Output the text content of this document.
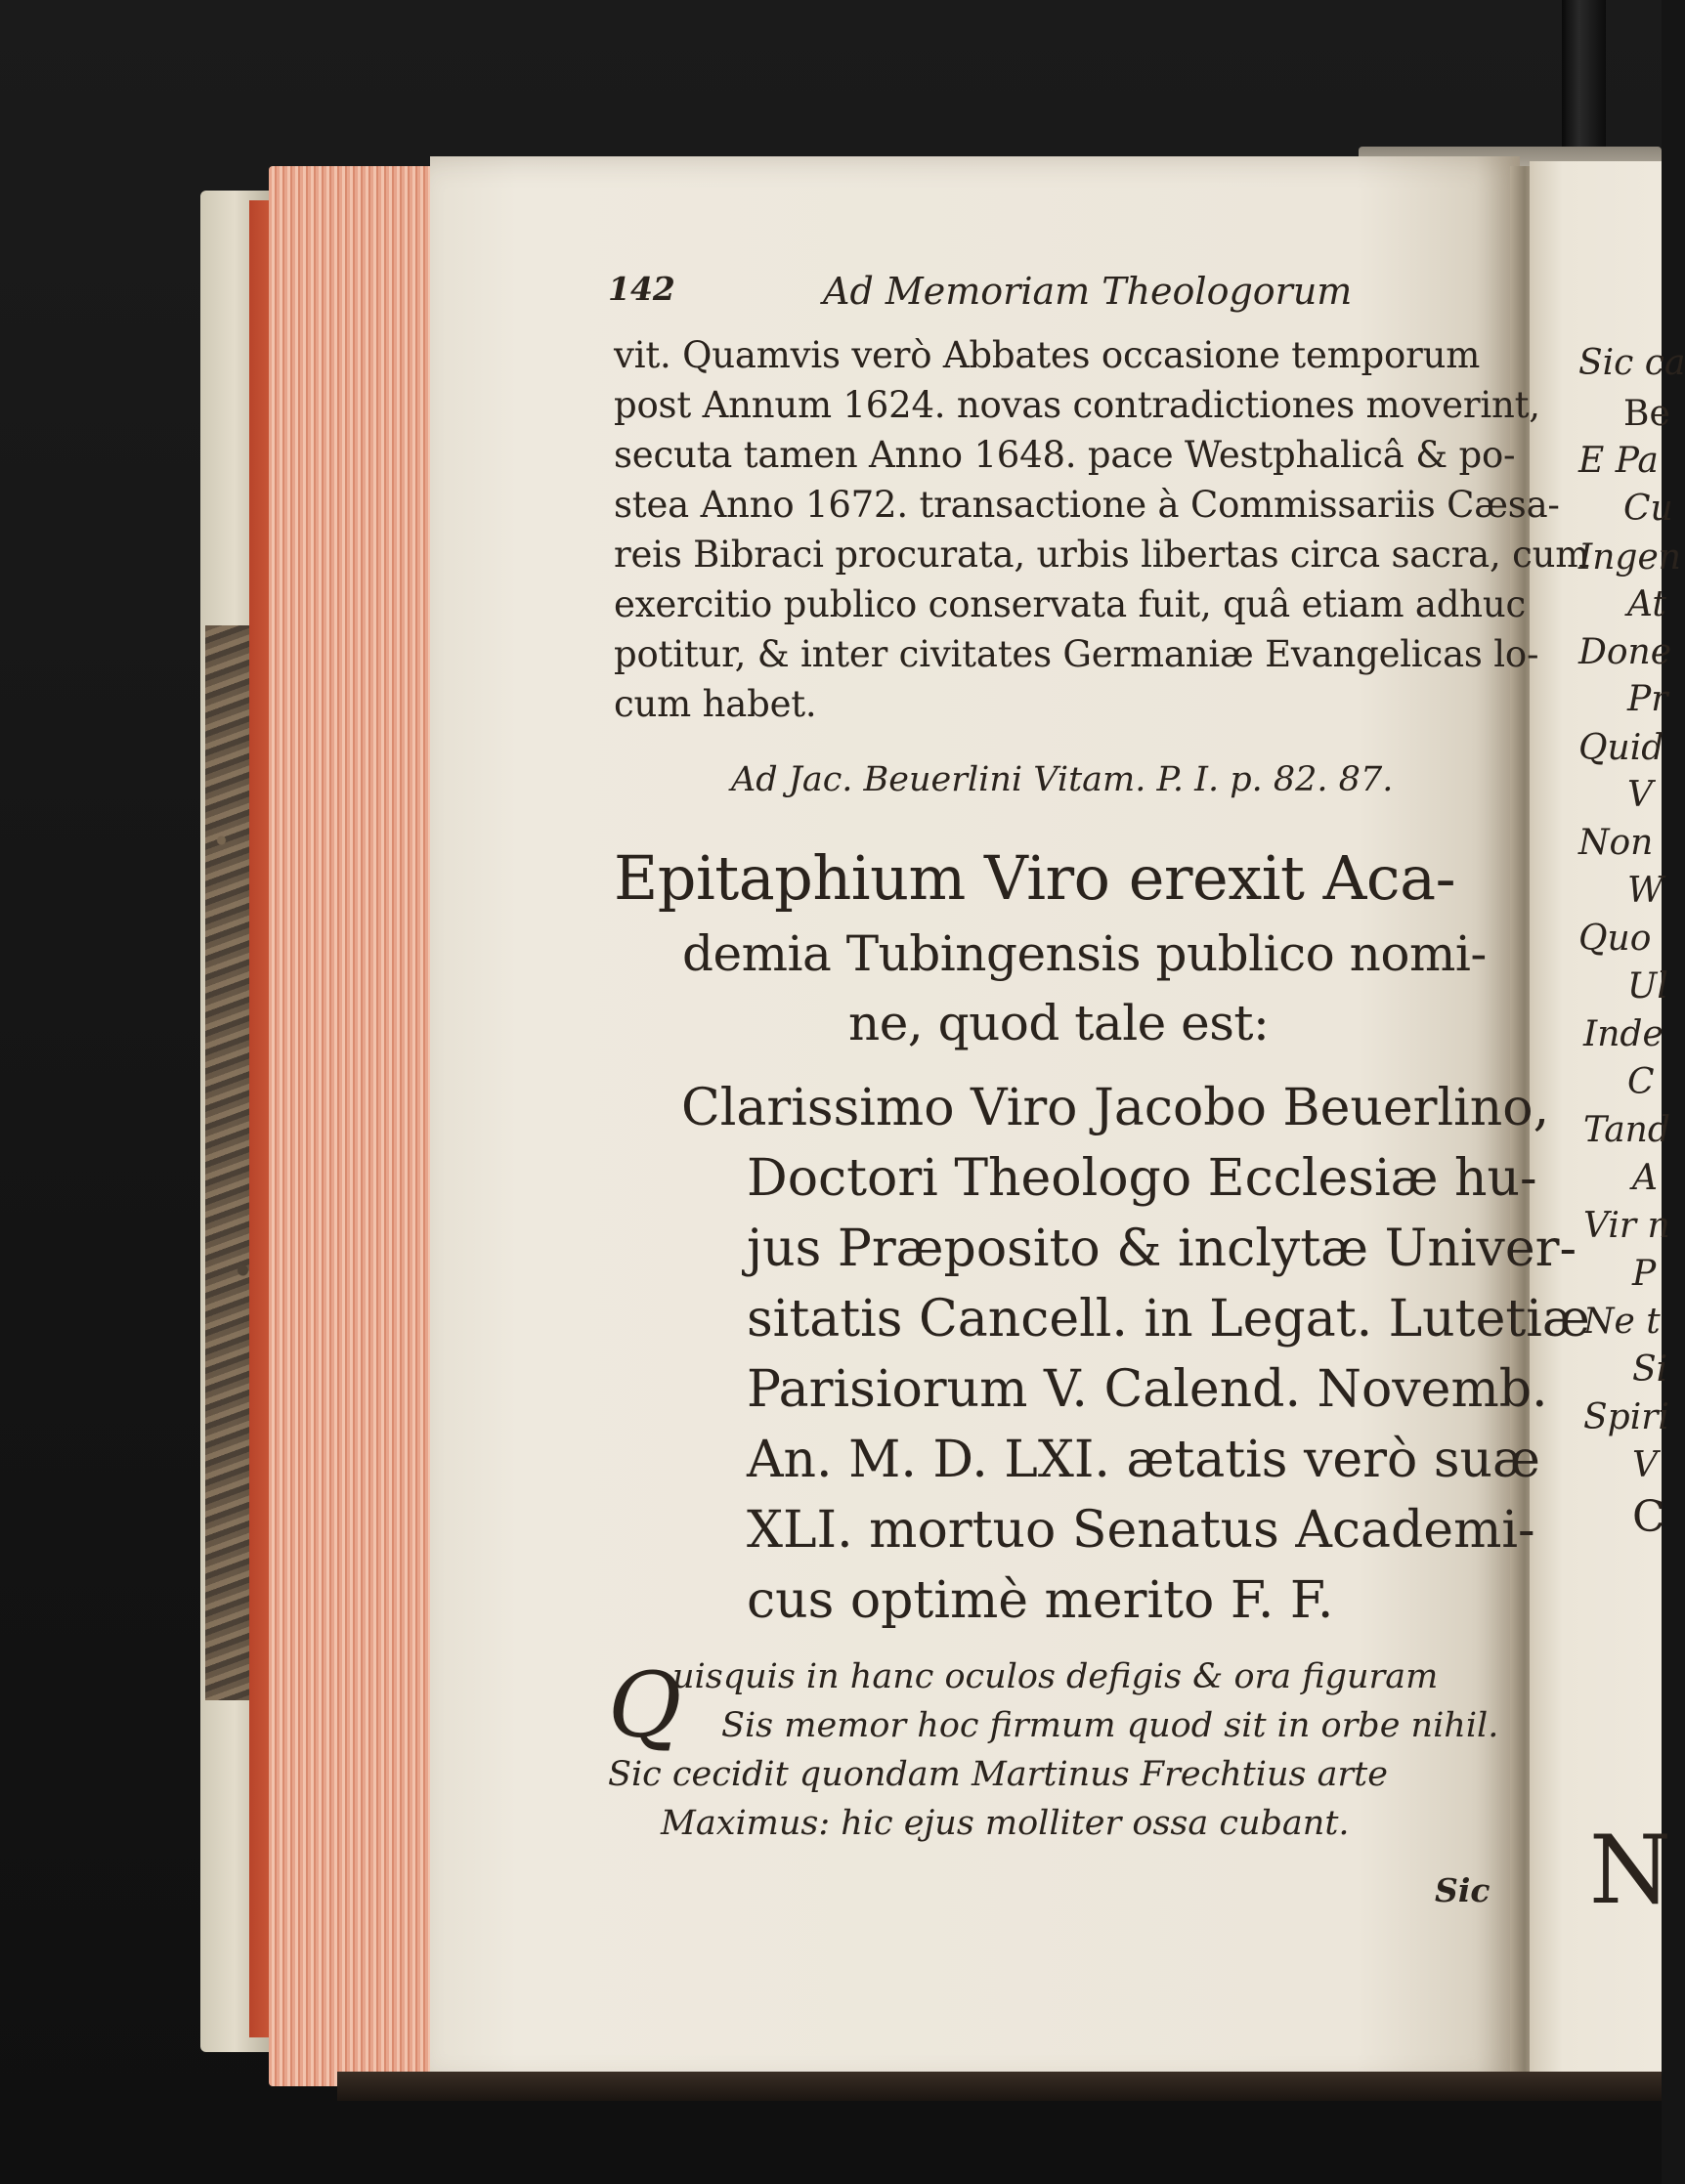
142	Ad Memoriam Theologorum
vit. Quamvis verò Abbates occasione temporum
post Annum 1624. novas contradictiones moverint,
secuta tamen Anno 1648. pace Westphalicâ & po-
stea Anno 1672. transactione à Commissariis Cæsa-
reis Bibraci procurata, urbis libertas circa sacra, cum
exercitio publico conservata fuit, quâ etiam adhuc
potitur, & inter civitates Germaniæ Evangelicas lo-
cum habet.
Ad Jac. Beuerlini Vitam. P. I. p. 82. 87.
Epitaphium Viro erexit Aca-
demia Tubingensis publico nomi-
ne, quod tale est:
Clarissimo Viro Jacobo Beuerlino,
Doctori Theologo Ecclesiæ hu-
jus Præposito & inclytæ Univer-
sitatis Cancell. in Legat. Lutetiæ
Parisiorum V. Calend. Novemb.
An. M. D. LXI. ætatis verò suæ
XLI. mortuo Senatus Academi-
cus optimè merito F. F.
Q
uisquis in hanc oculos defigis & ora figuram
Sis memor hoc firmum quod sit in orbe nihil.
Sic cecidit quondam Martinus Frechtius arte
Maximus: hic ejus molliter ossa cubant.
Sic
Sic ca
Be
E Pa
Cu
Ingen
At
Done
Pr
Quid
V
Non
W
Quo
Ul
Inde
C
Tand
A
Vir n
P
Ne t
Si
Spiri
V
C
N
